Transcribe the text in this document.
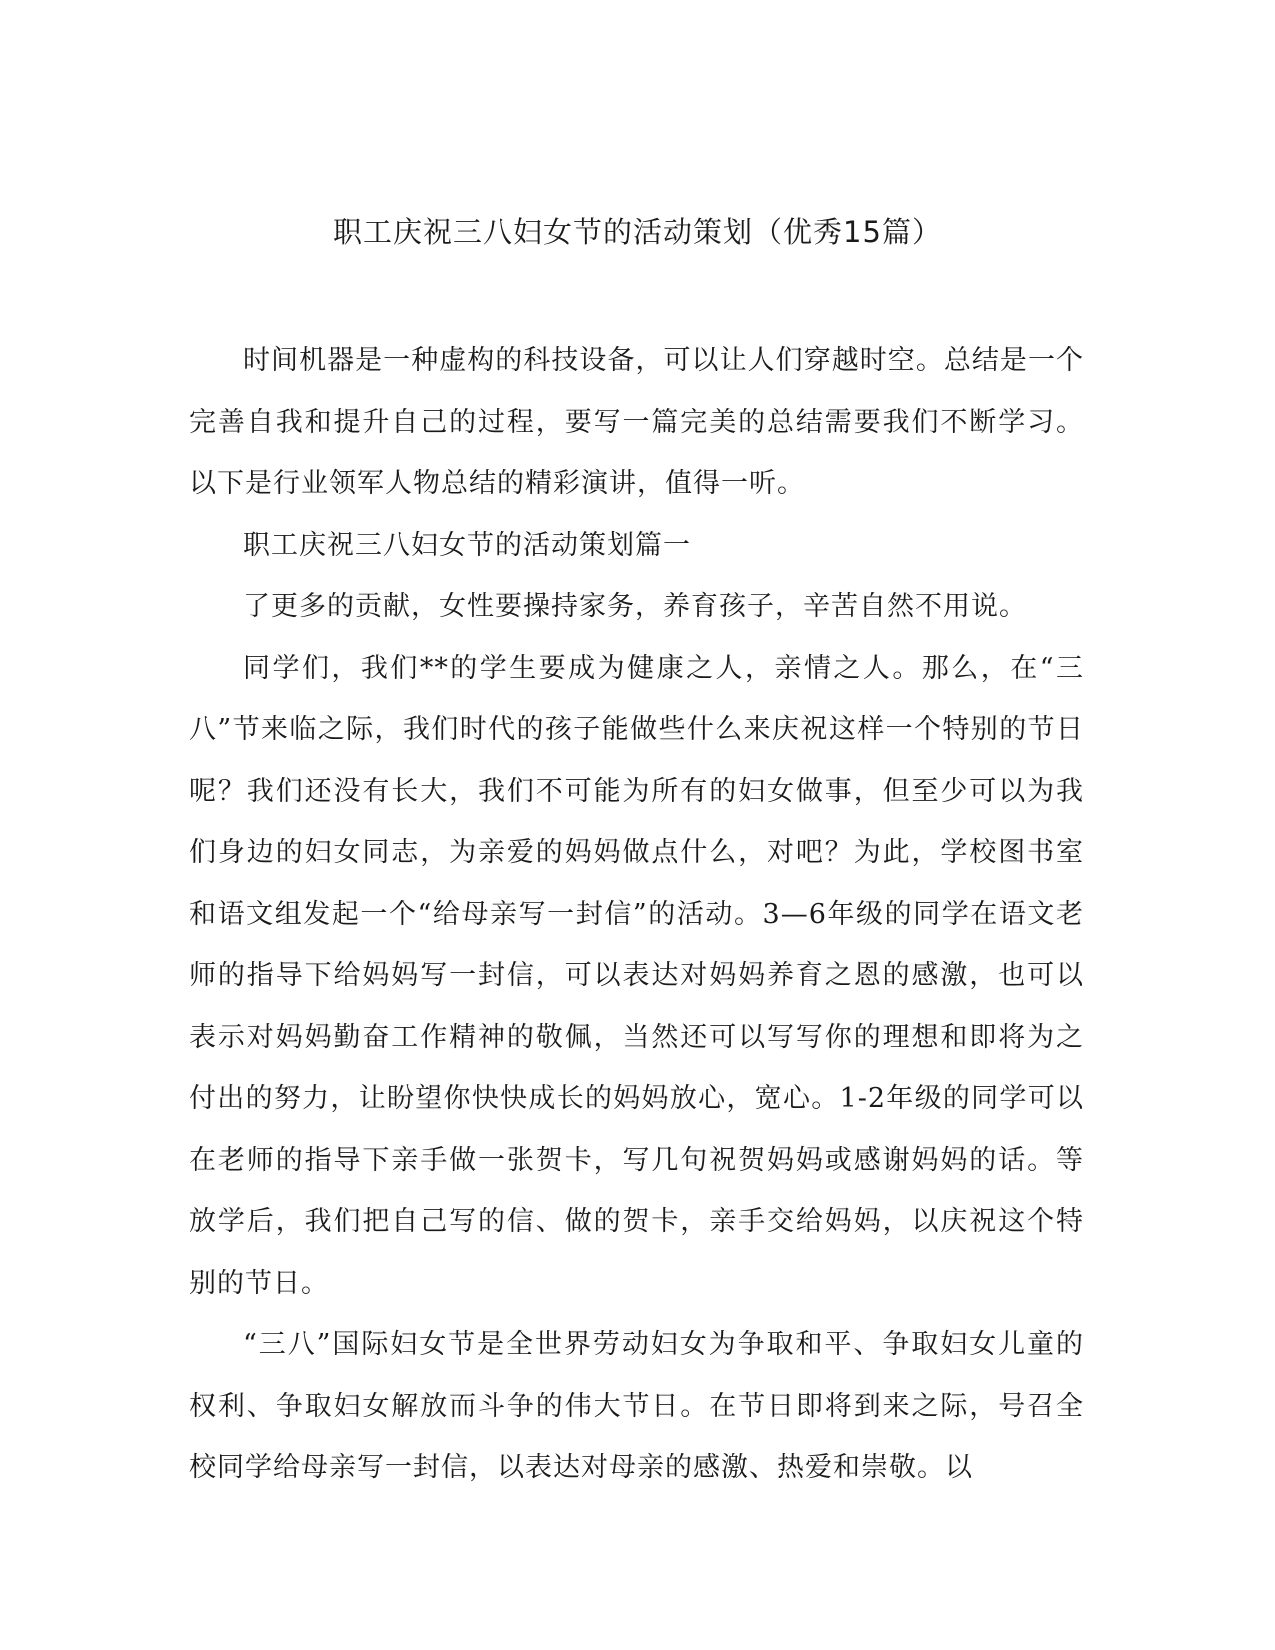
职工庆祝三八妇女节的活动策划（优秀15篇）

时间机器是一种虚构的科技设备，可以让人们穿越时空。总结是一个完善自我和提升自己的过程，要写一篇完美的总结需要我们不断学习。以下是行业领军人物总结的精彩演讲，值得一听。

职工庆祝三八妇女节的活动策划篇一

了更多的贡献，女性要操持家务，养育孩子，辛苦自然不用说。

同学们，我们**的学生要成为健康之人，亲情之人。那么，在“三八”节来临之际，我们时代的孩子能做些什么来庆祝这样一个特别的节日呢？我们还没有长大，我们不可能为所有的妇女做事，但至少可以为我们身边的妇女同志，为亲爱的妈妈做点什么，对吧？为此，学校图书室和语文组发起一个“给母亲写一封信”的活动。3—6年级的同学在语文老师的指导下给妈妈写一封信，可以表达对妈妈养育之恩的感激，也可以表示对妈妈勤奋工作精神的敬佩，当然还可以写写你的理想和即将为之付出的努力，让盼望你快快成长的妈妈放心，宽心。1-2年级的同学可以在老师的指导下亲手做一张贺卡，写几句祝贺妈妈或感谢妈妈的话。等放学后，我们把自己写的信、做的贺卡，亲手交给妈妈，以庆祝这个特别的节日。

“三八”国际妇女节是全世界劳动妇女为争取和平、争取妇女儿童的权利、争取妇女解放而斗争的伟大节日。在节日即将到来之际，号召全校同学给母亲写一封信，以表达对母亲的感激、热爱和崇敬。以
